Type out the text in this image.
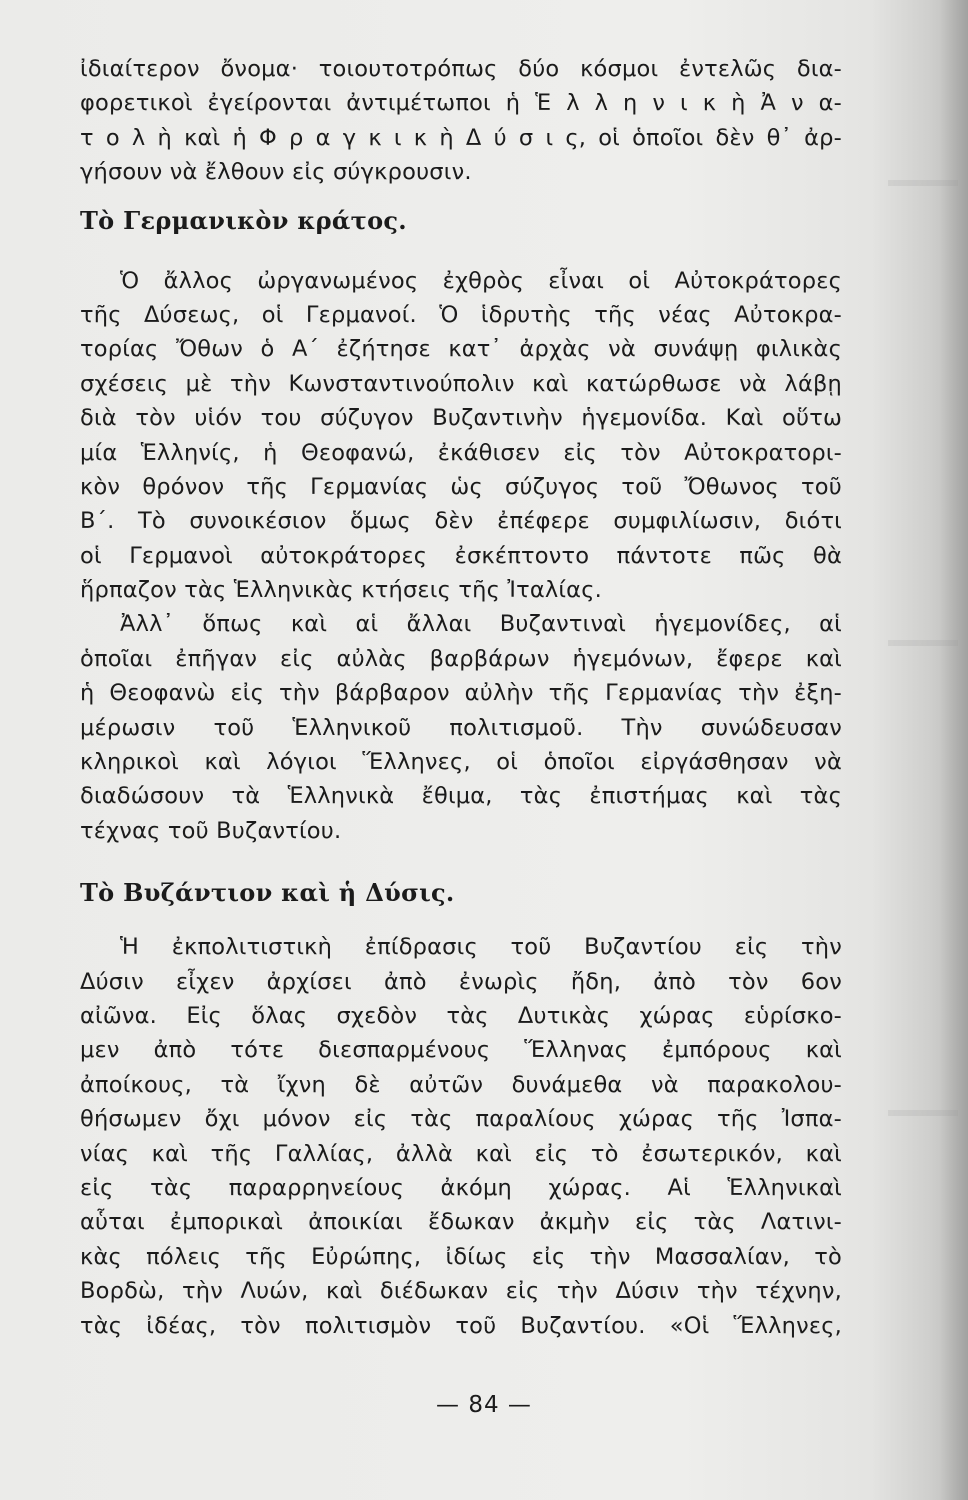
ἰδιαίτερον ὄνομα· τοιουτοτρόπως δύο κόσμοι ἐντελῶς δια-
φορετικοὶ ἐγείρονται ἀντιμέτωποι ἡ Ἑ λ λ η ν ι κ ὴ Ἀ ν α-
τ ο λ ὴ καὶ ἡ Φ ρ α γ κ ι κ ὴ Δ ύ σ ι ς, οἱ ὁποῖοι δὲν θ᾿ ἀρ-
γήσουν νὰ ἔλθουν εἰς σύγκρουσιν.
Τὸ Γερμανικὸν κράτος.
Ὁ ἄλλος ὠργανωμένος ἐχθρὸς εἶναι οἱ Αὐτοκράτορες
τῆς Δύσεως, οἱ Γερμανοί. Ὁ ἱδρυτὴς τῆς νέας Αὐτοκρα-
τορίας Ὄθων ὁ Α΄ ἐζήτησε κατ᾿ ἀρχὰς νὰ συνάψῃ φιλικὰς
σχέσεις μὲ τὴν Κωνσταντινούπολιν καὶ κατώρθωσε νὰ λάβῃ
διὰ τὸν υἱόν του σύζυγον Βυζαντινὴν ἡγεμονίδα. Καὶ οὕτω
μία Ἑλληνίς, ἡ Θεοφανώ, ἐκάθισεν εἰς τὸν Αὐτοκρατορι-
κὸν θρόνον τῆς Γερμανίας ὡς σύζυγος τοῦ Ὄθωνος τοῦ
Β΄. Τὸ συνοικέσιον ὅμως δὲν ἐπέφερε συμφιλίωσιν, διότι
οἱ Γερμανοὶ αὐτοκράτορες ἐσκέπτοντο πάντοτε πῶς θὰ
ἥρπαζον τὰς Ἑλληνικὰς κτήσεις τῆς Ἰταλίας.
Ἀλλ᾿ ὅπως καὶ αἱ ἄλλαι Βυζαντιναὶ ἡγεμονίδες, αἱ
ὁποῖαι ἐπῆγαν εἰς αὐλὰς βαρβάρων ἡγεμόνων, ἔφερε καὶ
ἡ Θεοφανὼ εἰς τὴν βάρβαρον αὐλὴν τῆς Γερμανίας τὴν ἐξη-
μέρωσιν τοῦ Ἑλληνικοῦ πολιτισμοῦ. Τὴν συνώδευσαν
κληρικοὶ καὶ λόγιοι Ἕλληνες, οἱ ὁποῖοι εἰργάσθησαν νὰ
διαδώσουν τὰ Ἑλληνικὰ ἔθιμα, τὰς ἐπιστήμας καὶ τὰς
τέχνας τοῦ Βυζαντίου.
Τὸ Βυζάντιον καὶ ἡ Δύσις.
Ἡ ἐκπολιτιστικὴ ἐπίδρασις τοῦ Βυζαντίου εἰς τὴν
Δύσιν εἶχεν ἀρχίσει ἀπὸ ἐνωρὶς ἤδη, ἀπὸ τὸν 6ον
αἰῶνα. Εἰς ὅλας σχεδὸν τὰς Δυτικὰς χώρας εὑρίσκο-
μεν ἀπὸ τότε διεσπαρμένους Ἕλληνας ἐμπόρους καὶ
ἀποίκους, τὰ ἴχνη δὲ αὐτῶν δυνάμεθα νὰ παρακολου-
θήσωμεν ὄχι μόνον εἰς τὰς παραλίους χώρας τῆς Ἰσπα-
νίας καὶ τῆς Γαλλίας, ἀλλὰ καὶ εἰς τὸ ἐσωτερικόν, καὶ
εἰς τὰς παραρρηνείους ἀκόμη χώρας. Αἱ Ἑλληνικαὶ
αὗται ἐμπορικαὶ ἀποικίαι ἔδωκαν ἀκμὴν εἰς τὰς Λατινι-
κὰς πόλεις τῆς Εὐρώπης, ἰδίως εἰς τὴν Μασσαλίαν, τὸ
Βορδὼ, τὴν Λυών, καὶ διέδωκαν εἰς τὴν Δύσιν τὴν τέχνην,
τὰς ἰδέας, τὸν πολιτισμὸν τοῦ Βυζαντίου. «Οἱ Ἕλληνες,
— 84 —
